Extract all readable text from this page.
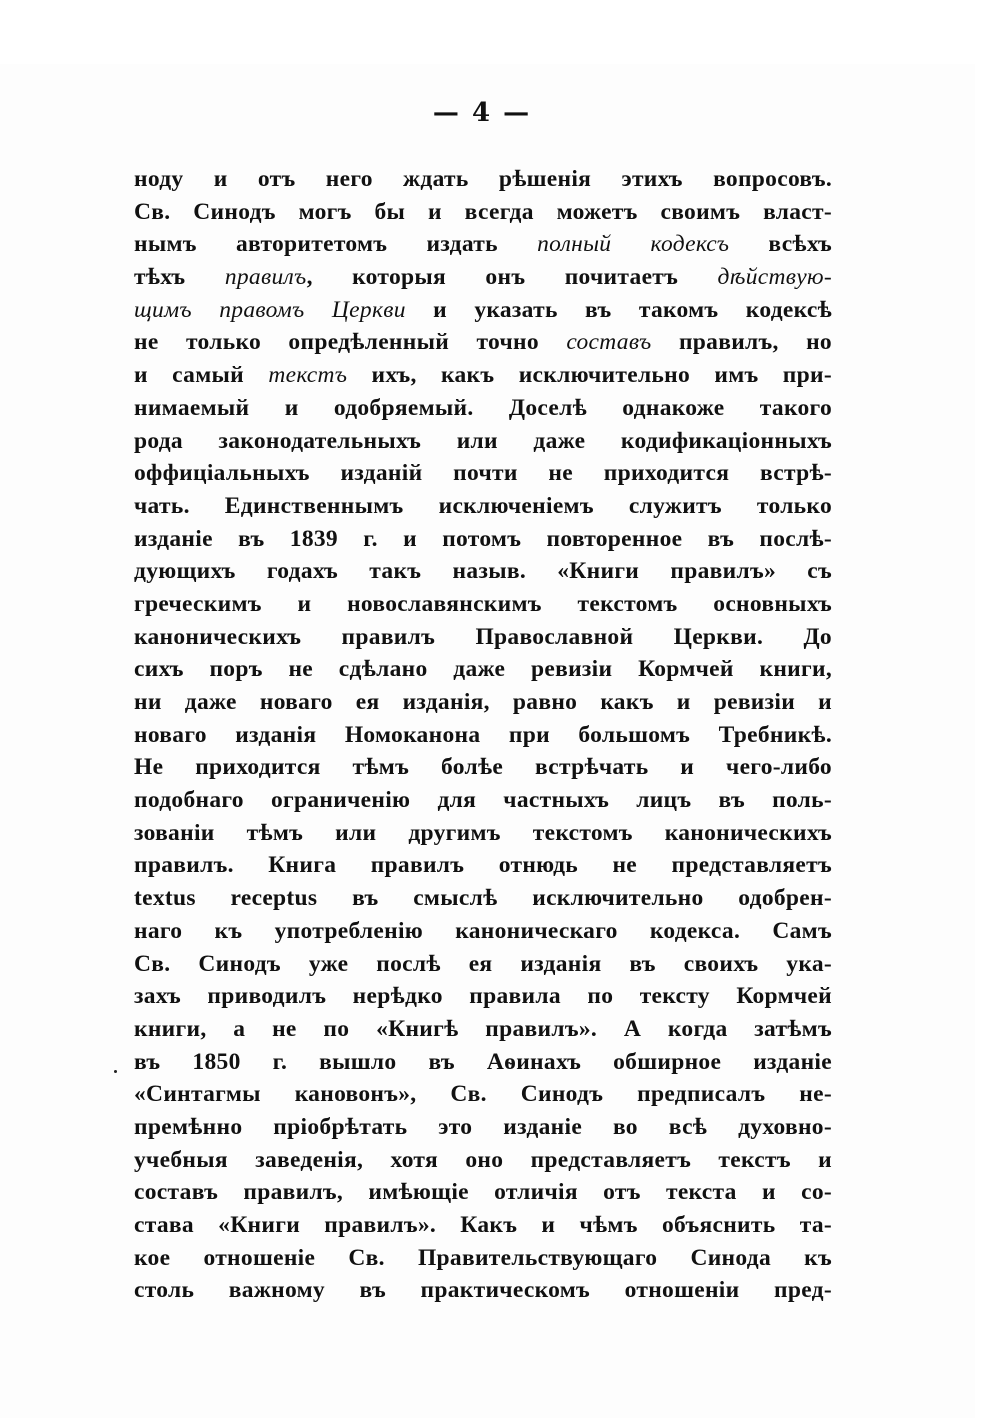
— 4 —
ноду и отъ него ждать рѣшенія этихъ вопросовъ.
Св. Синодъ могъ бы и всегда можетъ своимъ власт-
нымъ авторитетомъ издать полный кодексъ всѣхъ
тѣхъ правилъ, которыя онъ почитаетъ дѣйствую-
щимъ правомъ Церкви и указать въ такомъ кодексѣ
не только опредѣленный точно составъ правилъ, но
и самый текстъ ихъ, какъ исключительно имъ при-
нимаемый и одобряемый. Доселѣ однакоже такого
рода законодательныхъ или даже кодификаціонныхъ
оффиціальныхъ изданій почти не приходится встрѣ-
чать. Единственнымъ исключеніемъ служитъ только
изданіе въ 1839 г. и потомъ повторенное въ послѣ-
дующихъ годахъ такъ назыв. «Книги правилъ» съ
греческимъ и новославянскимъ текстомъ основныхъ
каноническихъ правилъ Православной Церкви. До
сихъ поръ не сдѣлано даже ревизіи Кормчей книги,
ни даже новаго ея изданія, равно какъ и ревизіи и
новаго изданія Номоканона при большомъ Требникѣ.
Не приходится тѣмъ болѣе встрѣчать и чего-либо
подобнаго ограниченію для частныхъ лицъ въ поль-
зованіи тѣмъ или другимъ текстомъ каноническихъ
правилъ. Книга правилъ отнюдь не представляетъ
textus receptus въ смыслѣ исключительно одобрен-
наго къ употребленію каноническаго кодекса. Самъ
Св. Синодъ уже послѣ ея изданія въ своихъ ука-
захъ приводилъ нерѣдко правила по тексту Кормчей
книги, а не по «Книгѣ правилъ». А когда затѣмъ
въ 1850 г. вышло въ Аѳинахъ обширное изданіе
«Синтагмы кановонъ», Св. Синодъ предписалъ не-
премѣнно пріобрѣтать это изданіе во всѣ духовно-
учебныя заведенія, хотя оно представляетъ текстъ и
составъ правилъ, имѣющіе отличія отъ текста и со-
става «Книги правилъ». Какъ и чѣмъ объяснить та-
кое отношеніе Св. Правительствующаго Синода къ
столь важному въ практическомъ отношеніи пред-
